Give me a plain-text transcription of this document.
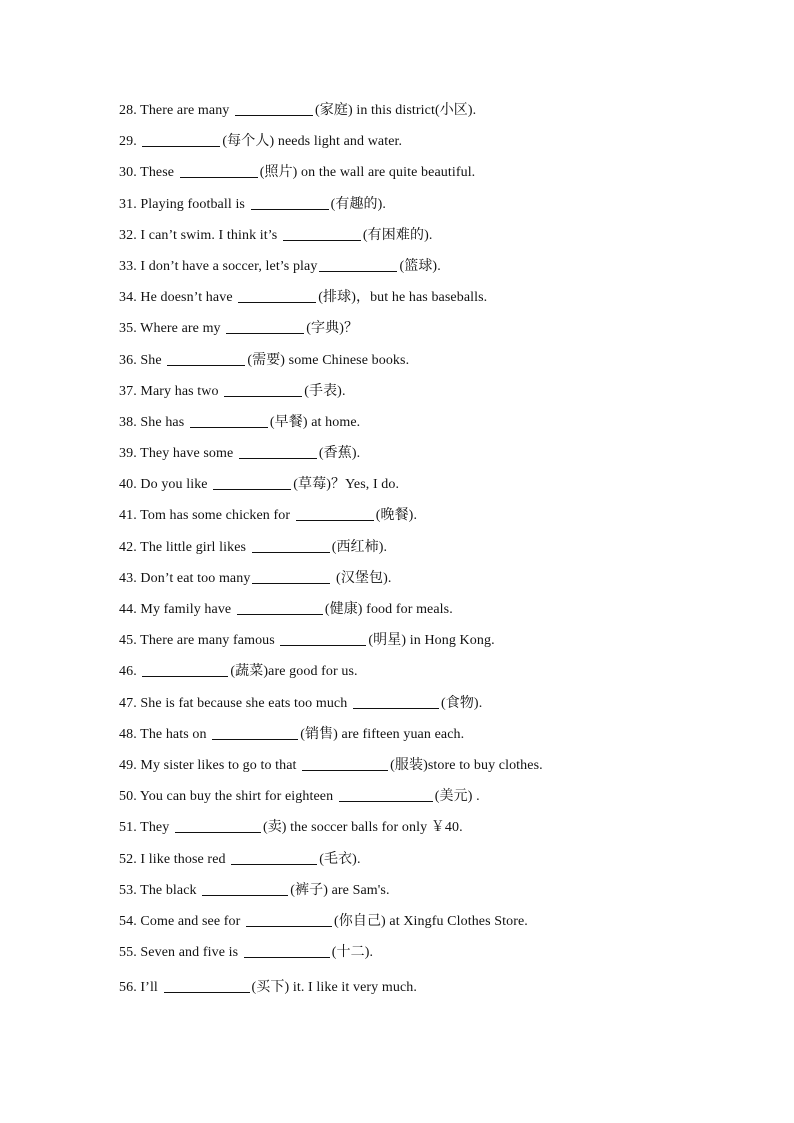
28. There are many	(家庭) in this district(小区).
29.	(每个人) needs light and water.
30. These	(照片) on the wall are quite beautiful.
31. Playing football is	(有趣的).
32. I can’t swim. I think it’s	(有困难的).
33. I don’t have a soccer, let’s play	(篮球).
34. He doesn’t have	(排球)，but he has baseballs.
35. Where are my	(字典)？
36. She	(需要) some Chinese books.
37. Mary has two	(手表).
38. She has	(早餐) at home.
39. They have some	(香蕉).
40. Do you like	(草莓)？Yes, I do.
41. Tom has some chicken for	(晚餐).
42. The little girl likes	(西红柿).
43. Don’t eat too many	(汉堡包).
44. My family have	(健康) food for meals.
45. There are many famous	(明星) in Hong Kong.
46.	(蔬菜)are good for us.
47. She is fat because she eats too much	(食物).
48. The hats on	(销售) are fifteen yuan each.
49. My sister likes to go to that	(服装)store to buy clothes.
50. You can buy the shirt for eighteen	(美元) .
51. They	(卖) the soccer balls for only ￥40.
52. I like those red	(毛衣).
53. The black	(裤子) are Sam's.
54. Come and see for	(你自己) at Xingfu Clothes Store.
55. Seven and five is	(十二).
56. I’ll	(买下) it. I like it very much.
